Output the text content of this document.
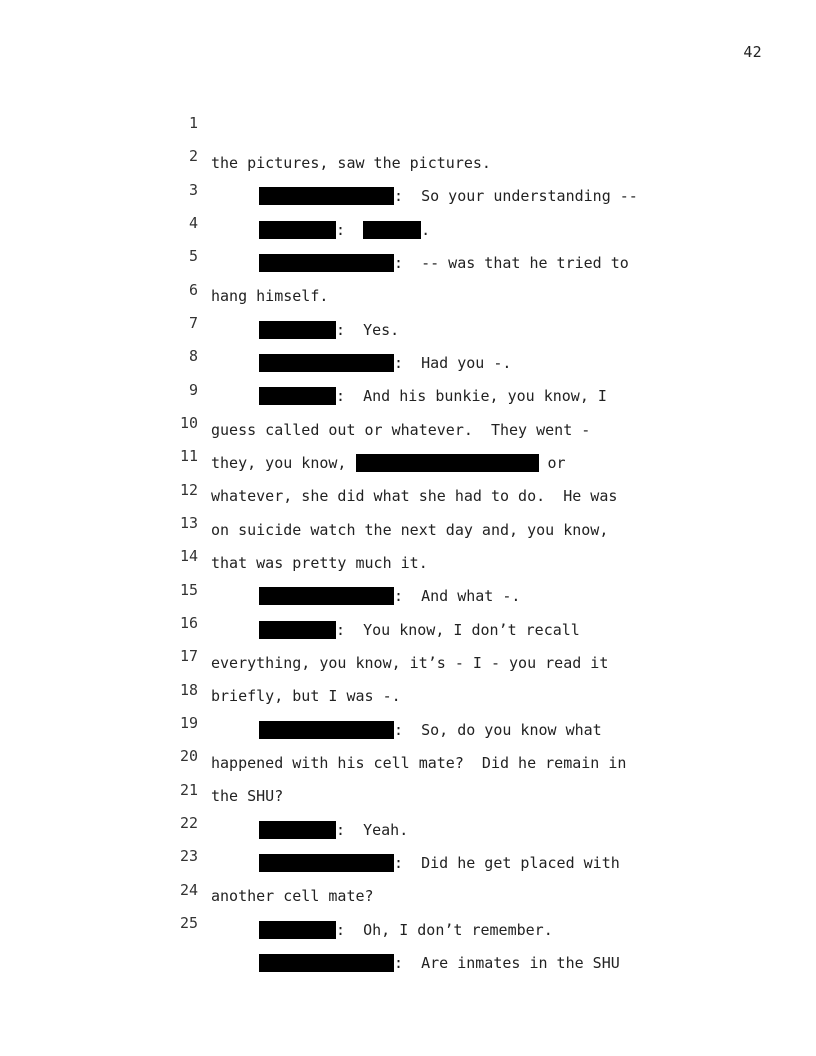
42

1

the pictures, saw the pictures.

2

:  So your understanding --

3

:	.

4

:  -- was that he tried to

5

hang himself.

6

:  Yes.

7

:  Had you -.

8

:  And his bunkie, you know, I

9

guess called out or whatever.  They went -

10

they, you know,	or

11

whatever, she did what she had to do.  He was

12

on suicide watch the next day and, you know,

13

that was pretty much it.

14

:  And what -.

15

:  You know, I don’t recall

16

everything, you know, it’s - I - you read it

17

briefly, but I was -.

18

:  So, do you know what

19

happened with his cell mate?  Did he remain in

20

the SHU?

21

:  Yeah.

22

:  Did he get placed with

23

another cell mate?

24

:  Oh, I don’t remember.

25

:  Are inmates in the SHU
